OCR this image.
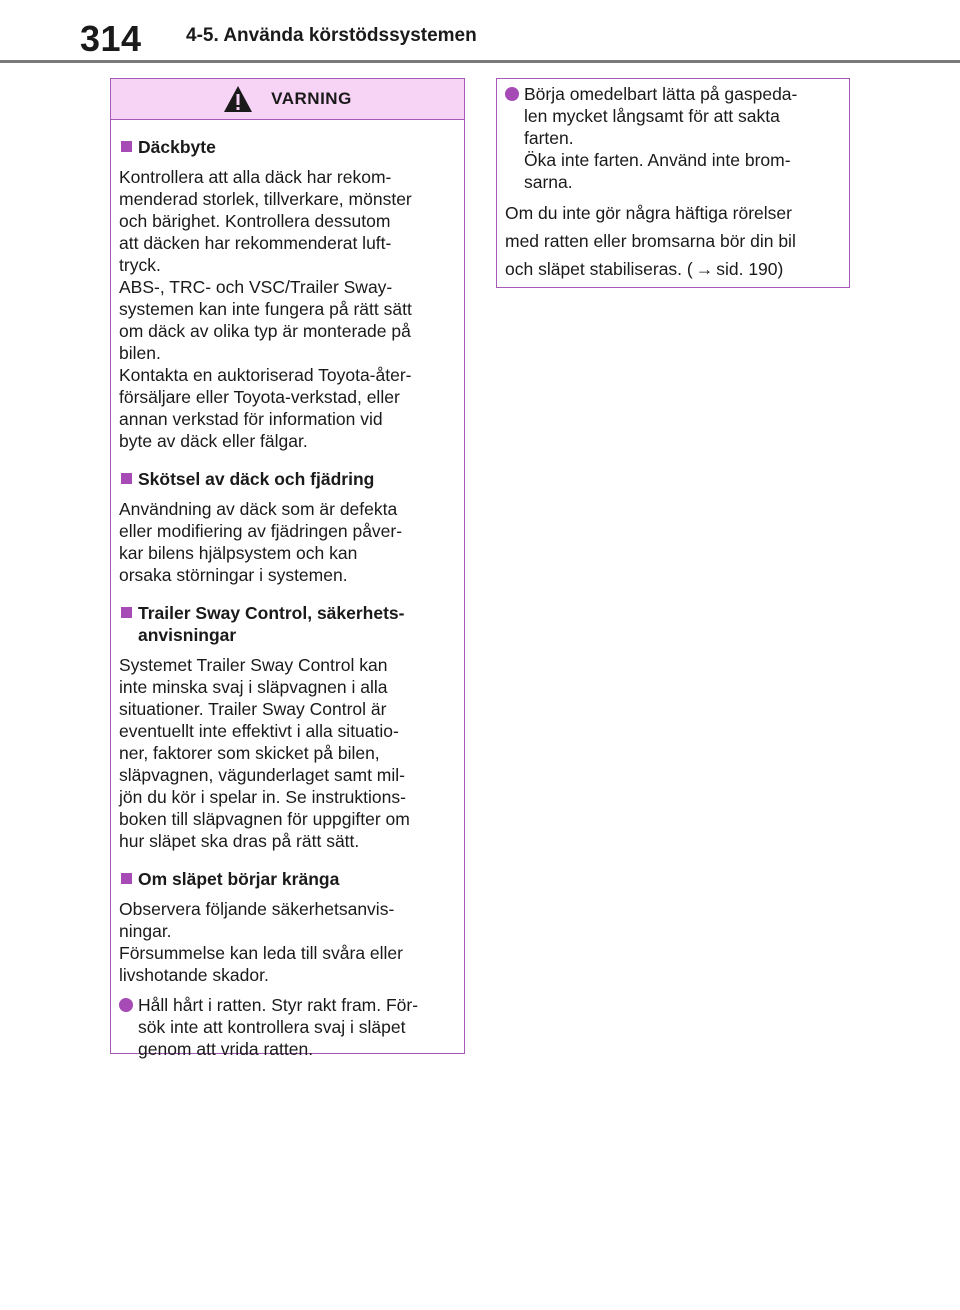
314 4-5. Använda körstödssystemen
VARNING
Däckbyte
Kontrollera att alla däck har rekom-
menderad storlek, tillverkare, mönster
och bärighet. Kontrollera dessutom
att däcken har rekommenderat luft-
tryck.
ABS-, TRC- och VSC/Trailer Sway-
systemen kan inte fungera på rätt sätt
om däck av olika typ är monterade på
bilen.
Kontakta en auktoriserad Toyota-åter-
försäljare eller Toyota-verkstad, eller
annan verkstad för information vid
byte av däck eller fälgar.
Skötsel av däck och fjädring
Användning av däck som är defekta
eller modifiering av fjädringen påver-
kar bilens hjälpsystem och kan
orsaka störningar i systemen.
Trailer Sway Control, säkerhets-
anvisningar
Systemet Trailer Sway Control kan
inte minska svaj i släpvagnen i alla
situationer. Trailer Sway Control är
eventuellt inte effektivt i alla situatio-
ner, faktorer som skicket på bilen,
släpvagnen, vägunderlaget samt mil-
jön du kör i spelar in. Se instruktions-
boken till släpvagnen för uppgifter om
hur släpet ska dras på rätt sätt.
Om släpet börjar kränga
Observera följande säkerhetsanvis-
ningar.
Försummelse kan leda till svåra eller
livshotande skador.
Håll hårt i ratten. Styr rakt fram. För-
sök inte att kontrollera svaj i släpet
genom att vrida ratten.
Börja omedelbart lätta på gaspeda-
len mycket långsamt för att sakta
farten.
Öka inte farten. Använd inte brom-
sarna.
Om du inte gör några häftiga rörelser
med ratten eller bromsarna bör din bil
och släpet stabiliseras. ( → sid. 190)
